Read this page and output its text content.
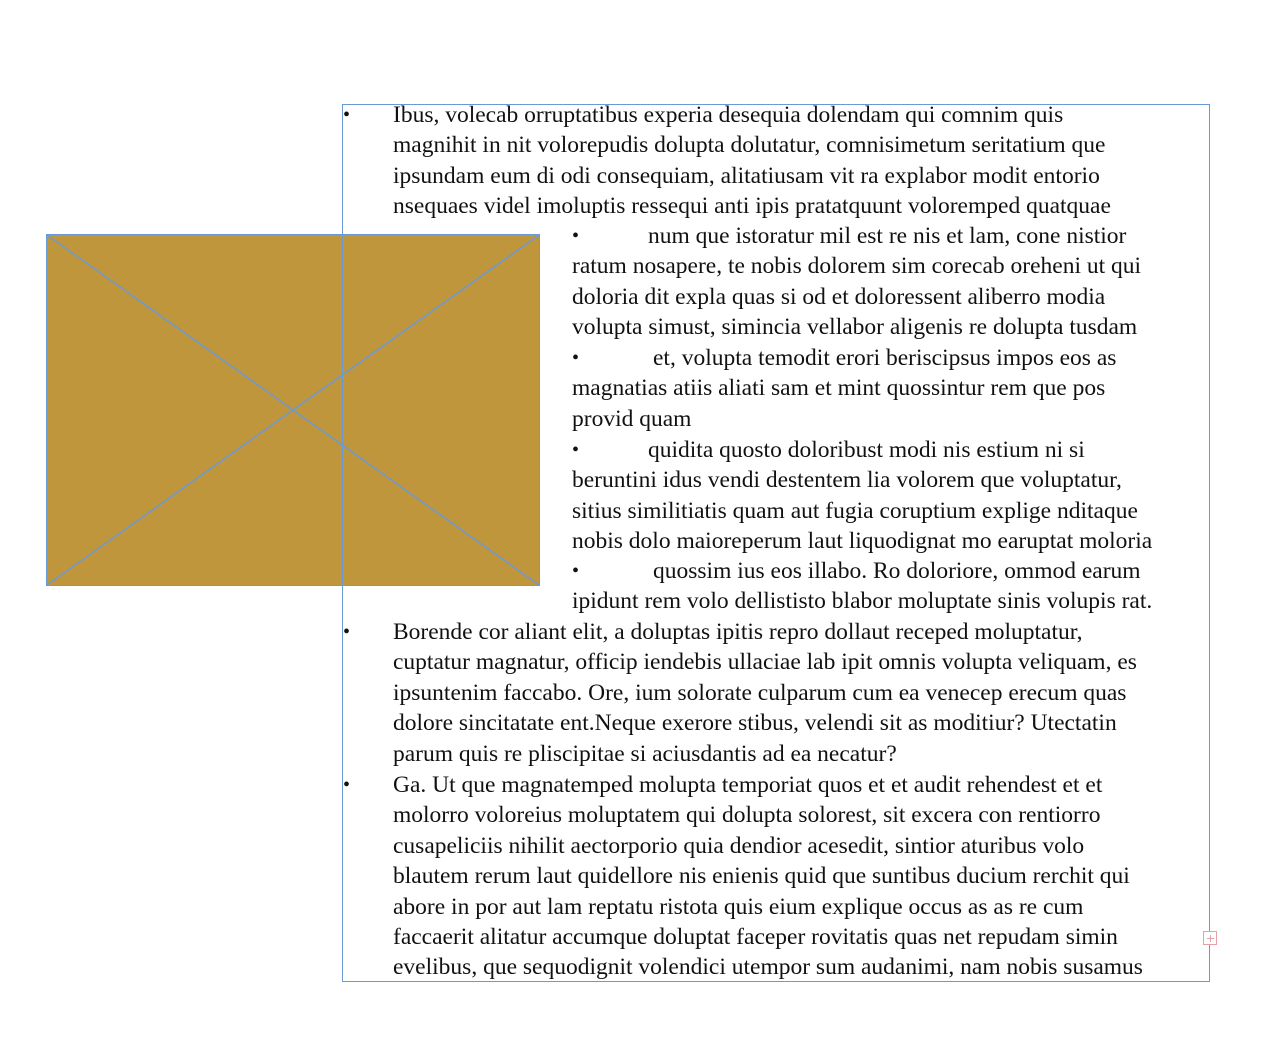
• Ibus, volecab orruptatibus experia desequia dolendam qui comnim quis
magnihit in nit volorepudis dolupta dolutatur, comnisimetum seritatium que
ipsundam eum di odi consequiam, alitatiusam vit ra explabor modit entorio
nsequaes videl imoluptis ressequi anti ipis pratatquunt voloremped quatquae
•	num que istoratur mil est re nis et lam, cone nistior
ratum nosapere, te nobis dolorem sim corecab oreheni ut qui
doloria dit expla quas si od et doloressent aliberro modia
volupta simust, simincia vellabor aligenis re dolupta tusdam
•	et, volupta temodit erori beriscipsus impos eos as
magnatias atiis aliati sam et mint quossintur rem que pos
provid quam
•	quidita quosto doloribust modi nis estium ni si
beruntini idus vendi destentem lia volorem que voluptatur,
sitius similitiatis quam aut fugia coruptium explige nditaque
nobis dolo maioreperum laut liquodignat mo earuptat moloria
•	quossim ius eos illabo. Ro doloriore, ommod earum
ipidunt rem volo dellististo blabor moluptate sinis volupis rat.
• Borende cor aliant elit, a doluptas ipitis repro dollaut receped moluptatur,
cuptatur magnatur, officip iendebis ullaciae lab ipit omnis volupta veliquam, es
ipsuntenim faccabo. Ore, ium solorate culparum cum ea venecep erecum quas
dolore sincitatate ent.Neque exerore stibus, velendi sit as moditiur? Utectatin
parum quis re pliscipitae si aciusdantis ad ea necatur?
• Ga. Ut que magnatemped molupta temporiat quos et et audit rehendest et et
molorro voloreius moluptatem qui dolupta solorest, sit excera con rentiorro
cusapeliciis nihilit aectorporio quia dendior acesedit, sintior aturibus volo
blautem rerum laut quidellore nis enienis quid que suntibus ducium rerchit qui
abore in por aut lam reptatu ristota quis eium explique occus as as re cum
faccaerit alitatur accumque doluptat faceper rovitatis quas net repudam simin
evelibus, que sequodignit volendici utempor sum audanimi, nam nobis susamus
